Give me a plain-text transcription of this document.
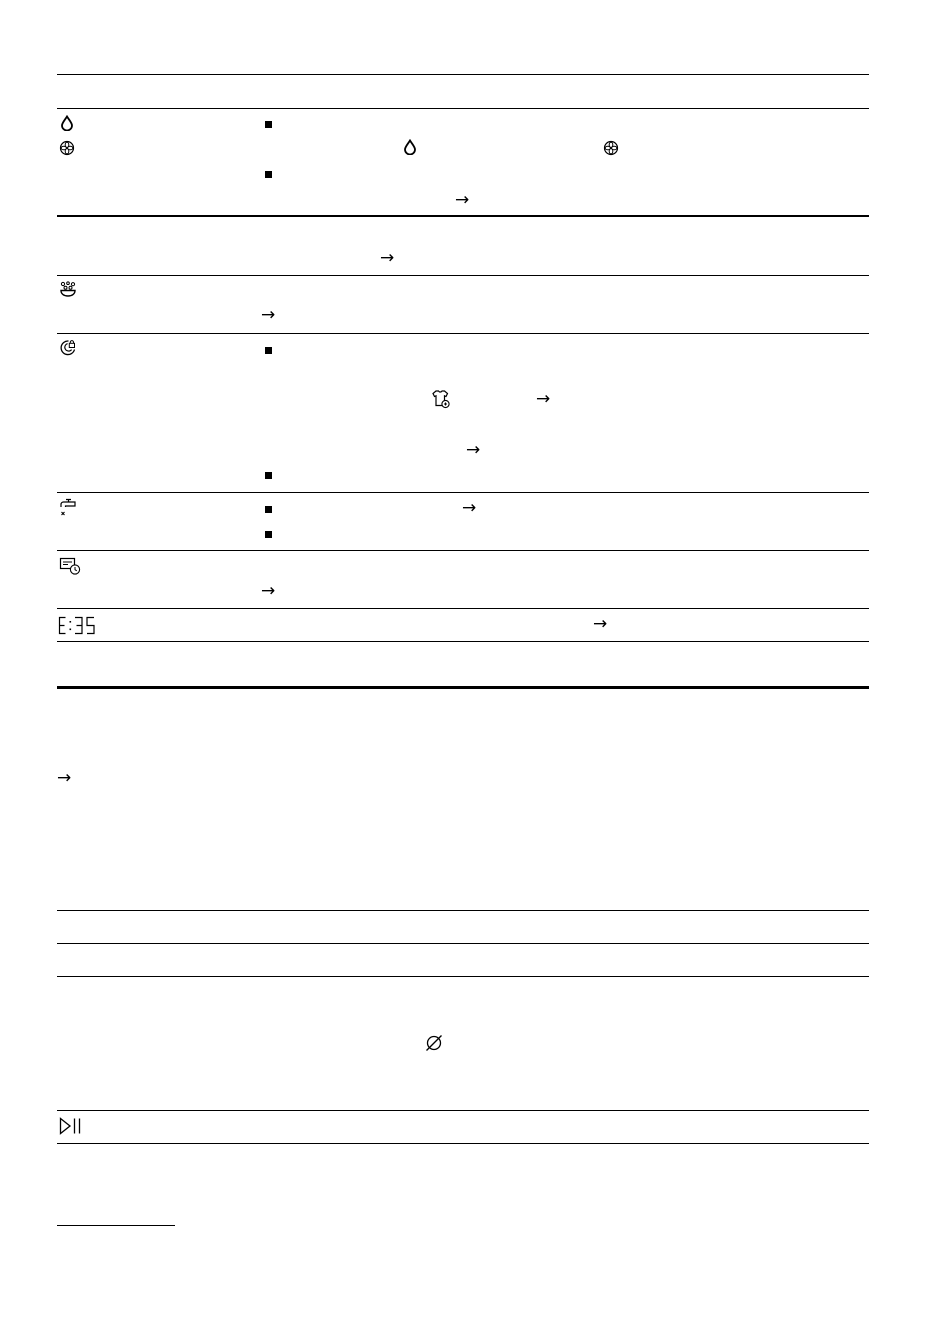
→
→
→
→
→
→
→
→
→
